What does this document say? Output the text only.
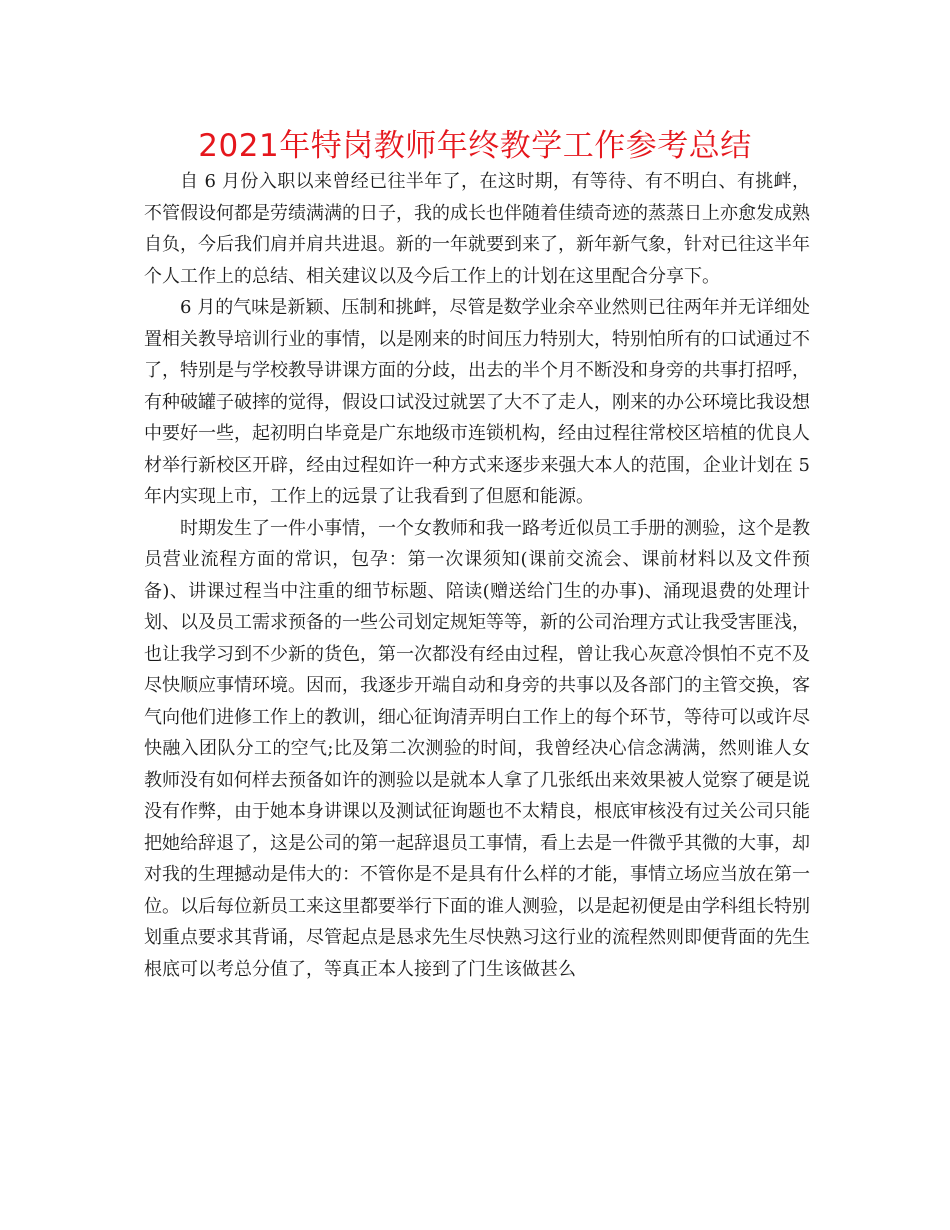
2021年特岗教师年终教学工作参考总结

自 6 月份入职以来曾经已往半年了，在这时期，有等待、有不明白、有挑衅，不管假设何都是劳绩满满的日子，我的成长也伴随着佳绩奇迹的蒸蒸日上亦愈发成熟自负，今后我们肩并肩共进退。新的一年就要到来了，新年新气象，针对已往这半年个人工作上的总结、相关建议以及今后工作上的计划在这里配合分享下。

6 月的气味是新颖、压制和挑衅，尽管是数学业余卒业然则已往两年并无详细处置相关教导培训行业的事情，以是刚来的时间压力特别大，特别怕所有的口试通过不了，特别是与学校教导讲课方面的分歧，出去的半个月不断没和身旁的共事打招呼，有种破罐子破摔的觉得，假设口试没过就罢了大不了走人，刚来的办公环境比我设想中要好一些，起初明白毕竟是广东地级市连锁机构，经由过程往常校区培植的优良人材举行新校区开辟，经由过程如许一种方式来逐步来强大本人的范围，企业计划在 5 年内实现上市，工作上的远景了让我看到了但愿和能源。

时期发生了一件小事情，一个女教师和我一路考近似员工手册的测验，这个是教员营业流程方面的常识，包孕：第一次课须知(课前交流会、课前材料以及文件预备)、讲课过程当中注重的细节标题、陪读(赠送给门生的办事)、涌现退费的处理计划、以及员工需求预备的一些公司划定规矩等等，新的公司治理方式让我受害匪浅，也让我学习到不少新的货色，第一次都没有经由过程，曾让我心灰意冷惧怕不克不及尽快顺应事情环境。因而，我逐步开端自动和身旁的共事以及各部门的主管交换，客气向他们进修工作上的教训，细心征询清弄明白工作上的每个环节，等待可以或许尽快融入团队分工的空气;比及第二次测验的时间，我曾经决心信念满满，然则谁人女教师没有如何样去预备如许的测验以是就本人拿了几张纸出来效果被人觉察了硬是说没有作弊，由于她本身讲课以及测试征询题也不太精良，根底审核没有过关公司只能把她给辞退了，这是公司的第一起辞退员工事情，看上去是一件微乎其微的大事，却对我的生理撼动是伟大的：不管你是不是具有什么样的才能，事情立场应当放在第一位。以后每位新员工来这里都要举行下面的谁人测验，以是起初便是由学科组长特别划重点要求其背诵，尽管起点是恳求先生尽快熟习这行业的流程然则即便背面的先生根底可以考总分值了，等真正本人接到了门生该做甚么
